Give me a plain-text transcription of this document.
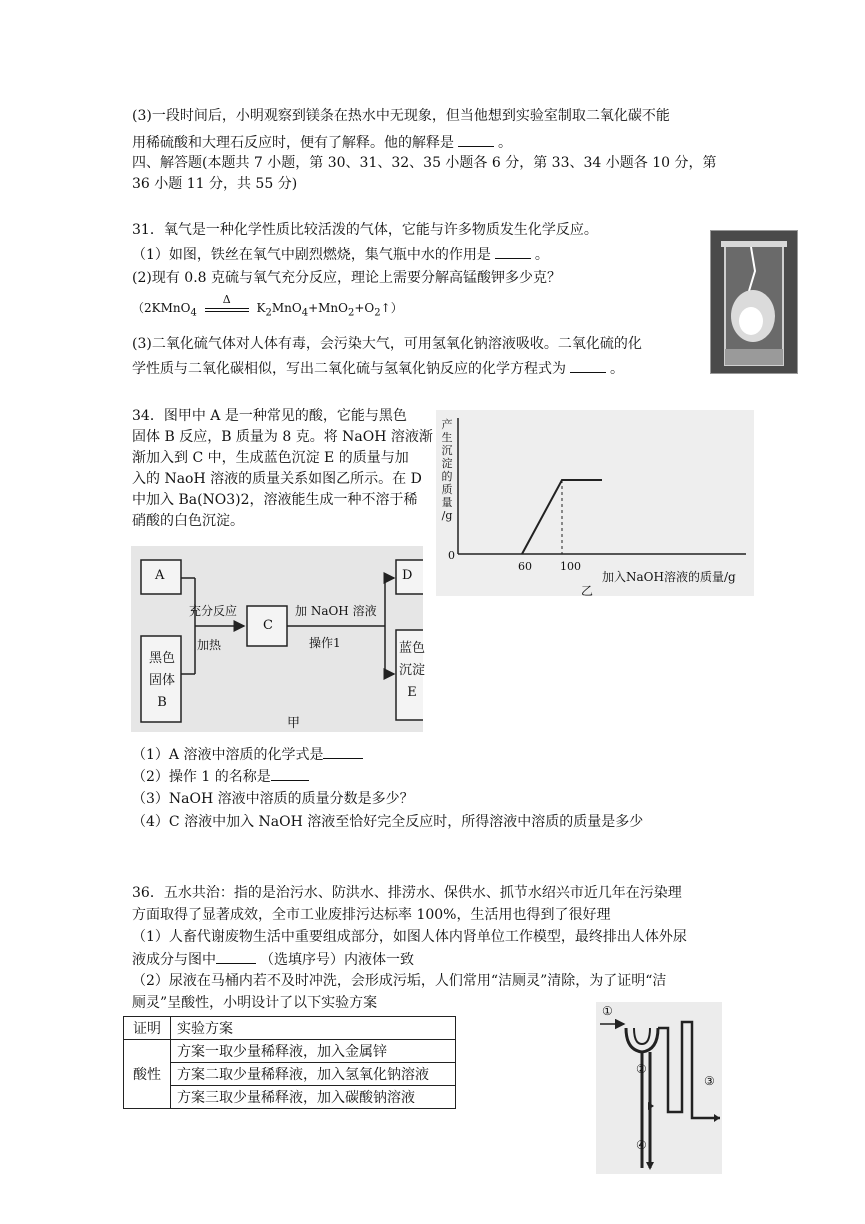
(3)一段时间后，小明观察到镁条在热水中无现象，但当他想到实验室制取二氧化碳不能
用稀硫酸和大理石反应时，便有了解释。他的解释是	。
四、解答题(本题共 7 小题，第 30、31、32、35 小题各 6 分，第 33、34 小题各 10 分，第
36 小题 11 分，共 55 分)
31．氧气是一种化学性质比较活泼的气体，它能与许多物质发生化学反应。
（1）如图，铁丝在氧气中剧烈燃烧，集气瓶中水的作用是	。
(2)现有 0.8 克硫与氧气充分反应，理论上需要分解高锰酸钾多少克？
（2KMnO$_4$
Δ
$K_2MnO_4+MnO_2+O_2↑$）
(3)二氧化硫气体对人体有毒，会污染大气，可用氢氧化钠溶液吸收。二氧化硫的化
学性质与二氧化碳相似，写出二氧化硫与氢氧化钠反应的化学方程式为	。
34．图甲中 A 是一种常见的酸，它能与黑色
固体 B 反应，B 质量为 8 克。将 NaOH 溶液渐
渐加入到 C 中，生成蓝色沉淀 E 的质量与加
入的 NaoH 溶液的质量关系如图乙所示。在 D
中加入 Ba(NO3)2，溶液能生成一种不溶于稀
硝酸的白色沉淀。
产
生
沉
淀
的
质
量
/g
0
60	100
加入NaOH溶液的质量/g
乙
A
黑色
固体
B
充分反应
加热
C
加 NaOH 溶液
操作1
D
蓝色
沉淀
E
甲
（1）A 溶液中溶质的化学式是
（2）操作 1 的名称是
（3）NaOH 溶液中溶质的质量分数是多少？
（4）C 溶液中加入 NaOH 溶液至恰好完全反应时，所得溶液中溶质的质量是多少
36．五水共治：指的是治污水、防洪水、排涝水、保供水、抓节水绍兴市近几年在污染理
方面取得了显著成效，全市工业废排污达标率 100%，生活用也得到了很好理
（1）人畜代谢废物生活中重要组成部分，如图人体内肾单位工作模型，最终排出人体外尿
液成分与图中	（选填序号）内液体一致
（2）尿液在马桶内若不及时冲洗，会形成污垢，人们常用“洁厕灵”清除，为了证明“洁
厕灵”呈酸性，小明设计了以下实验方案
证明	实验方案
酸性	方案一取少量稀释液，加入金属锌
	方案二取少量稀释液，加入氢氧化钠溶液
	方案三取少量稀释液，加入碳酸钠溶液
①
②
③
④
